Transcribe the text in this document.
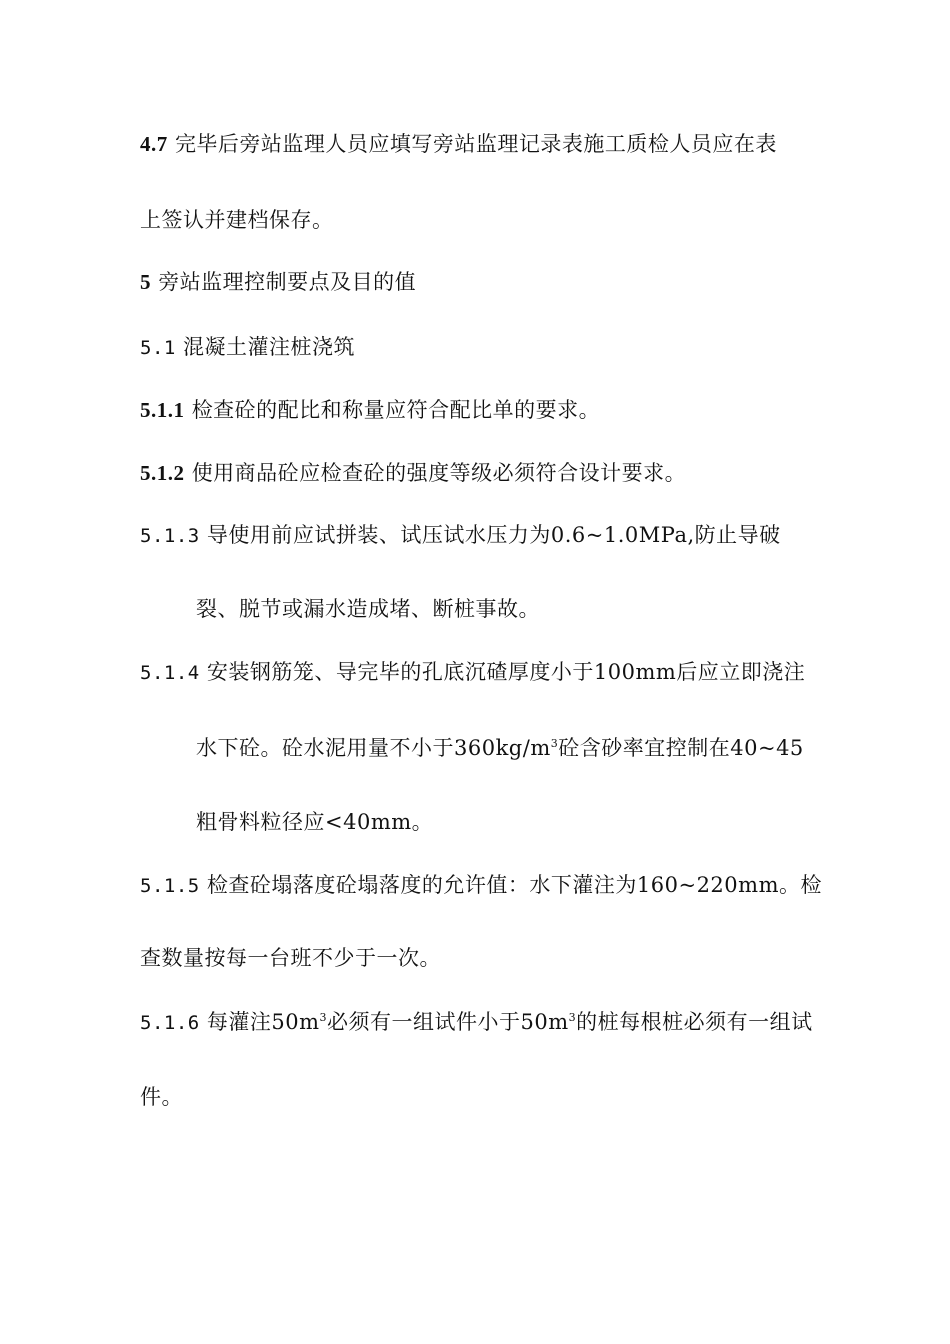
4.7 完毕后旁站监理人员应填写旁站监理记录表施工质检人员应在表
上签认并建档保存。
5 旁站监理控制要点及目的值
5.1 混凝土灌注桩浇筑
5.1.1 检查砼的配比和称量应符合配比单的要求。
5.1.2 使用商品砼应检查砼的强度等级必须符合设计要求。
5.1.3 导使用前应试拼装、试压试水压力为0.6~1.0MPa,防止导破
裂、脱节或漏水造成堵、断桩事故。
5.1.4 安装钢筋笼、导完毕的孔底沉碴厚度小于100mm后应立即浇注
水下砼。砼水泥用量不小于$360kg/m^3$砼含砂率宜控制在40~45
粗骨料粒径应<40mm。
5.1.5 检查砼塌落度砼塌落度的允许值：水下灌注为160~220mm。检
查数量按每一台班不少于一次。
5.1.6 每灌注$50m^3$必须有一组试件小于$50m^3$的桩每根桩必须有一组试
件。
